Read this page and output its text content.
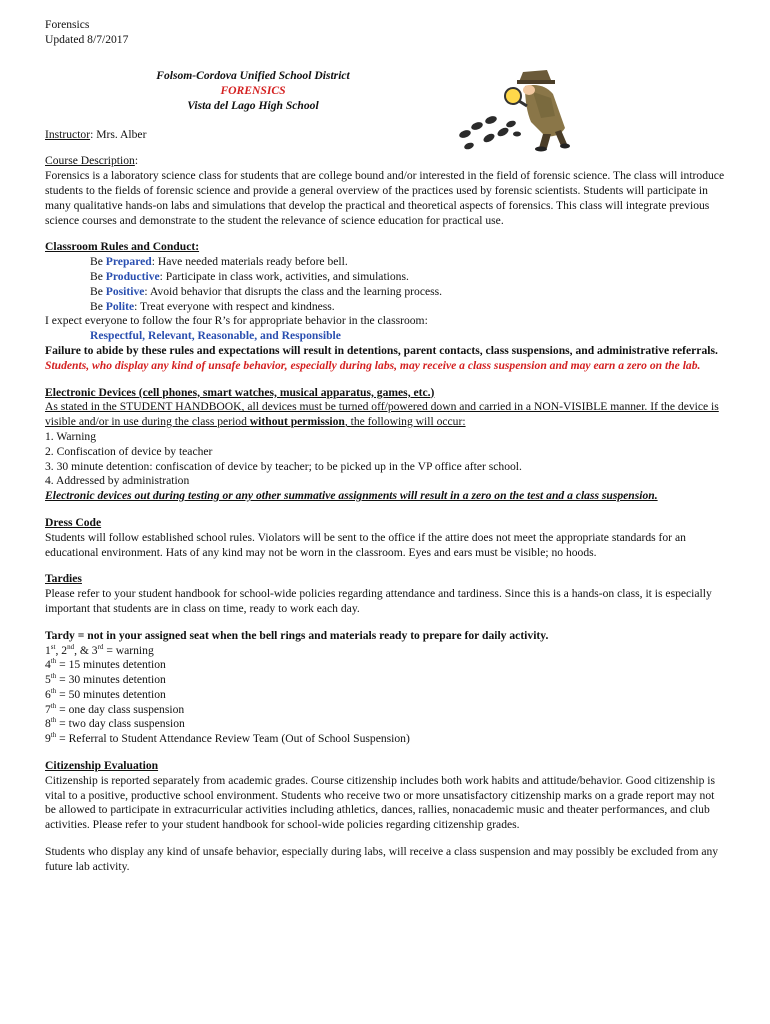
Forensics

Updated 8/7/2017

Instructor: Mrs. Alber

Course Description:

Forensics is a laboratory science class for students that are college bound and/or interested in the field of forensic science. The class will introduce students to the fields of forensic science and provide a general overview of the practices used by forensic scientists. Students will participate in many qualitative hands-on labs and simulations that develop the practical and theoretical aspects of forensics. This class will integrate previous science courses and demonstrate to the student the relevance of science education for practical use.

Classroom Rules and Conduct:

Be Prepared: Have needed materials ready before bell.

Be Productive: Participate in class work, activities, and simulations.

Be Positive: Avoid behavior that disrupts the class and the learning process.

Be Polite: Treat everyone with respect and kindness.

I expect everyone to follow the four R’s for appropriate behavior in the classroom:

Respectful, Relevant, Reasonable, and Responsible

Failure to abide by these rules and expectations will result in detentions, parent contacts, class suspensions, and administrative referrals. Students, who display any kind of unsafe behavior, especially during labs, may receive a class suspension and may earn a zero on the lab.

Electronic Devices (cell phones, smart watches, musical apparatus, games, etc.)

As stated in the STUDENT HANDBOOK, all devices must be turned off/powered down and carried in a NON-VISIBLE manner. If the device is visible and/or in use during the class period without permission, the following will occur:

1. Warning

2. Confiscation of device by teacher

3. 30 minute detention: confiscation of device by teacher; to be picked up in the VP office after school.

4. Addressed by administration

Electronic devices out during testing or any other summative assignments will result in a zero on the test and a class suspension.

Dress Code

Students will follow established school rules. Violators will be sent to the office if the attire does not meet the appropriate standards for an educational environment. Hats of any kind may not be worn in the classroom. Eyes and ears must be visible; no hoods.

Tardies

Please refer to your student handbook for school-wide policies regarding attendance and tardiness. Since this is a hands-on class, it is especially important that students are in class on time, ready to work each day.

Tardy = not in your assigned seat when the bell rings and materials ready to prepare for daily activity.

1st, 2nd, & 3rd = warning

4th = 15 minutes detention

5th = 30 minutes detention

6th = 50 minutes detention

7th = one day class suspension

8th = two day class suspension

9th = Referral to Student Attendance Review Team (Out of School Suspension)

Citizenship Evaluation

Citizenship is reported separately from academic grades. Course citizenship includes both work habits and attitude/behavior. Good citizenship is vital to a positive, productive school environment. Students who receive two or more unsatisfactory citizenship marks on a grade report may not be allowed to participate in extracurricular activities including athletics, dances, rallies, nonacademic music and theater performances, and club activities. Please refer to your student handbook for school-wide policies regarding citizenship grades.

Students who display any kind of unsafe behavior, especially during labs, will receive a class suspension and may possibly be excluded from any future lab activity.

Folsom-Cordova Unified School District

FORENSICS

Vista del Lago High School
